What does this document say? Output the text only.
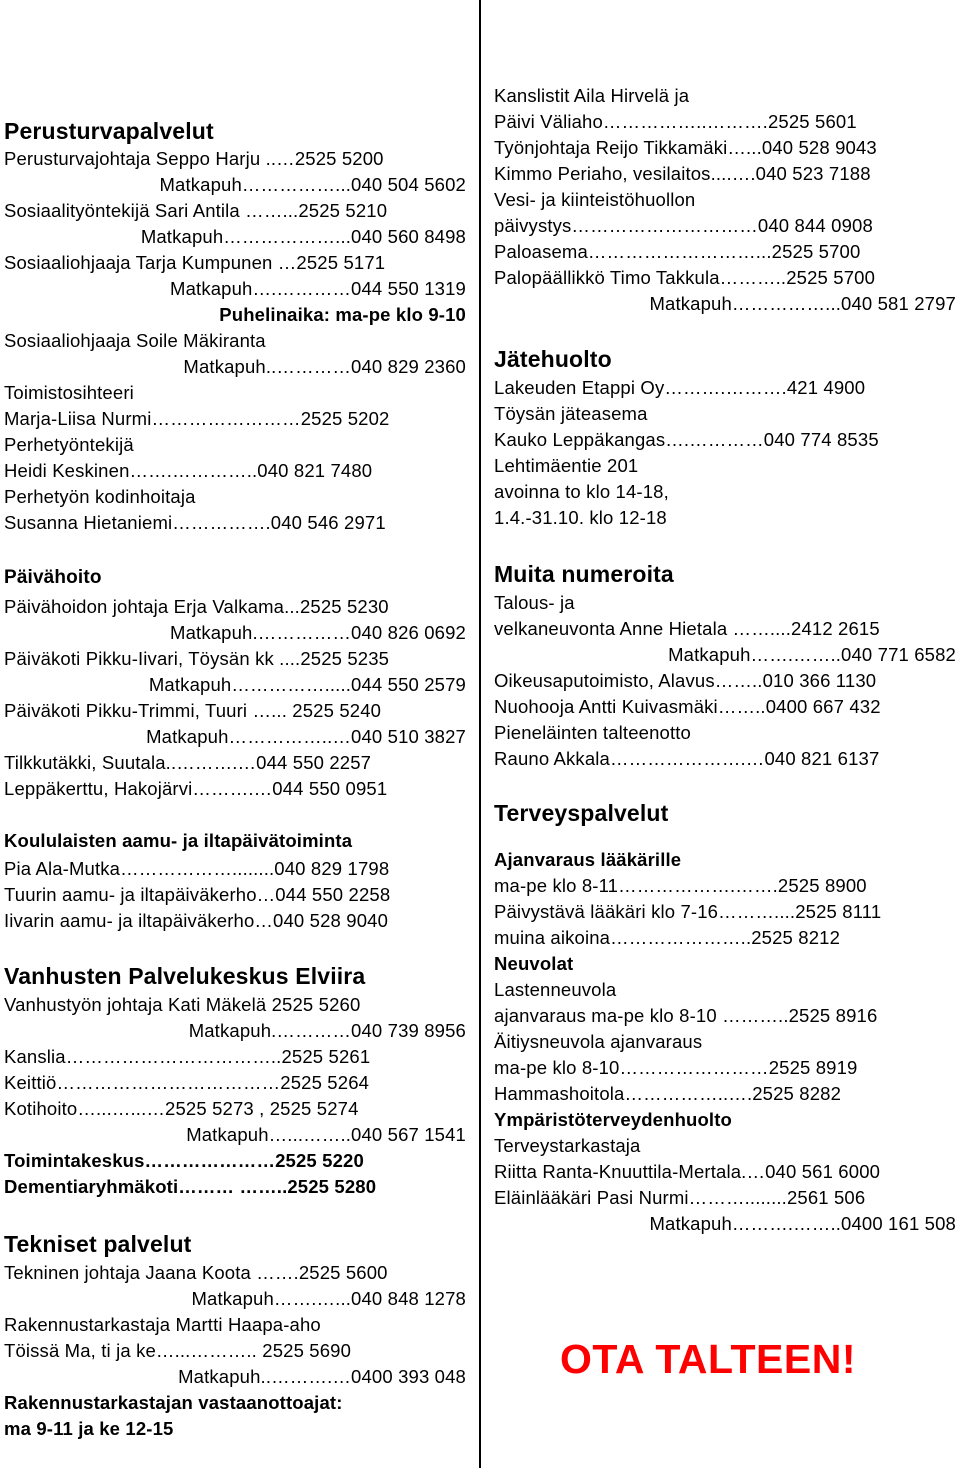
Perusturvapalvelut
Perusturvajohtaja Seppo Harju ..…2525 5200
Matkapuh……………...040 504 5602
Sosiaalityöntekijä Sari Antila ……...2525 5210
Matkapuh………………...040 560 8498
Sosiaaliohjaaja Tarja Kumpunen …2525 5171
Matkapuh….…………044 550 1319
Puhelinaika: ma-pe klo 9-10
Sosiaaliohjaaja Soile Mäkiranta
Matkapuh..…………040 829 2360
Toimistosihteeri
Marja-Liisa Nurmi……………………2525 5202
Perhetyöntekijä
Heidi Keskinen…….…………..040 821 7480
Perhetyön kodinhoitaja
Susanna Hietaniemi…………….040 546 2971
Päivähoito
Päivähoidon johtaja Erja Valkama...2525 5230
Matkapuh.……………040 826 0692
Päiväkoti Pikku-Iivari, Töysän kk ....2525 5235
Matkapuh…………….....044 550 2579
Päiväkoti Pikku-Trimmi, Tuuri …... 2525 5240
Matkapuh……………..…040 510 3827
Tilkkutäkki, Suutala..……….…044 550 2257
Leppäkerttu, Hakojärvi……….…044 550 0951
Koululaisten aamu- ja iltapäivätoiminta
Pia Ala-Mutka………………........040 829 1798
Tuurin aamu- ja iltapäiväkerho…044 550 2258
Iivarin aamu- ja iltapäiväkerho…040 528 9040
Vanhusten Palvelukeskus Elviira
Vanhustyön johtaja Kati Mäkelä 2525 5260
Matkapuh.…………040 739 8956
Kanslia……………………………..2525 5261
Keittiö………………………………2525 5264
Kotihoito…...…...…2525 5273 , 2525 5274
Matkapuh…...……..040 567 1541
Toimintakeskus…………………2525 5220
Dementiaryhmäkoti……… ……..2525 5280
Tekniset palvelut
Tekninen johtaja Jaana Koota …….2525 5600
Matkapuh…….…...040 848 1278
Rakennustarkastaja Martti Haapa-aho
Töissä Ma, ti ja ke…...……….. 2525 5690
Matkapuh..……….…0400 393 048
Rakennustarkastajan vastaanottoajat:
ma 9-11 ja ke 12-15
Kanslistit Aila Hirvelä ja
Päivi Väliaho……………..……….2525 5601
Työnjohtaja Reijo Tikkamäki…...040 528 9043
Kimmo Periaho, vesilaitos....….040 523 7188
Vesi- ja kiinteistöhuollon
päivystys…………………………040 844 0908
Paloasema………………………...2525 5700
Palopäällikkö Timo Takkula………..2525 5700
Matkapuh……………...040 581 2797
Jätehuolto
Lakeuden Etappi Oy……….……….421 4900
Töysän jäteasema
Kauko Leppäkangas….…………040 774 8535
Lehtimäentie 201
avoinna to klo 14-18,
1.4.-31.10. klo 12-18
Muita numeroita
Talous- ja
velkaneuvonta Anne Hietala ……....2412 2615
Matkapuh…….……..040 771 6582
Oikeusaputoimisto, Alavus……..010 366 1130
Nuohooja Antti Kuivasmäki……..0400 667 432
Pieneläinten talteenotto
Rauno Akkala………………….…040 821 6137
Terveyspalvelut
Ajanvaraus lääkärille
ma-pe klo 8-11……………….…….2525 8900
Päivystävä lääkäri klo 7-16………....2525 8111
muina aikoina…………………..2525 8212
Neuvolat
Lastenneuvola
ajanvaraus ma-pe klo 8-10 ………..2525 8916
Äitiysneuvola ajanvaraus
ma-pe klo 8-10……………………2525 8919
Hammashoitola……………..….2525 8282
Ympäristöterveydenhuolto
Terveystarkastaja
Riitta Ranta-Knuuttila-Mertala.…040 561 6000
Eläinlääkäri Pasi Nurmi………........2561 506
Matkapuh……….……..0400 161 508
OTA TALTEEN!
